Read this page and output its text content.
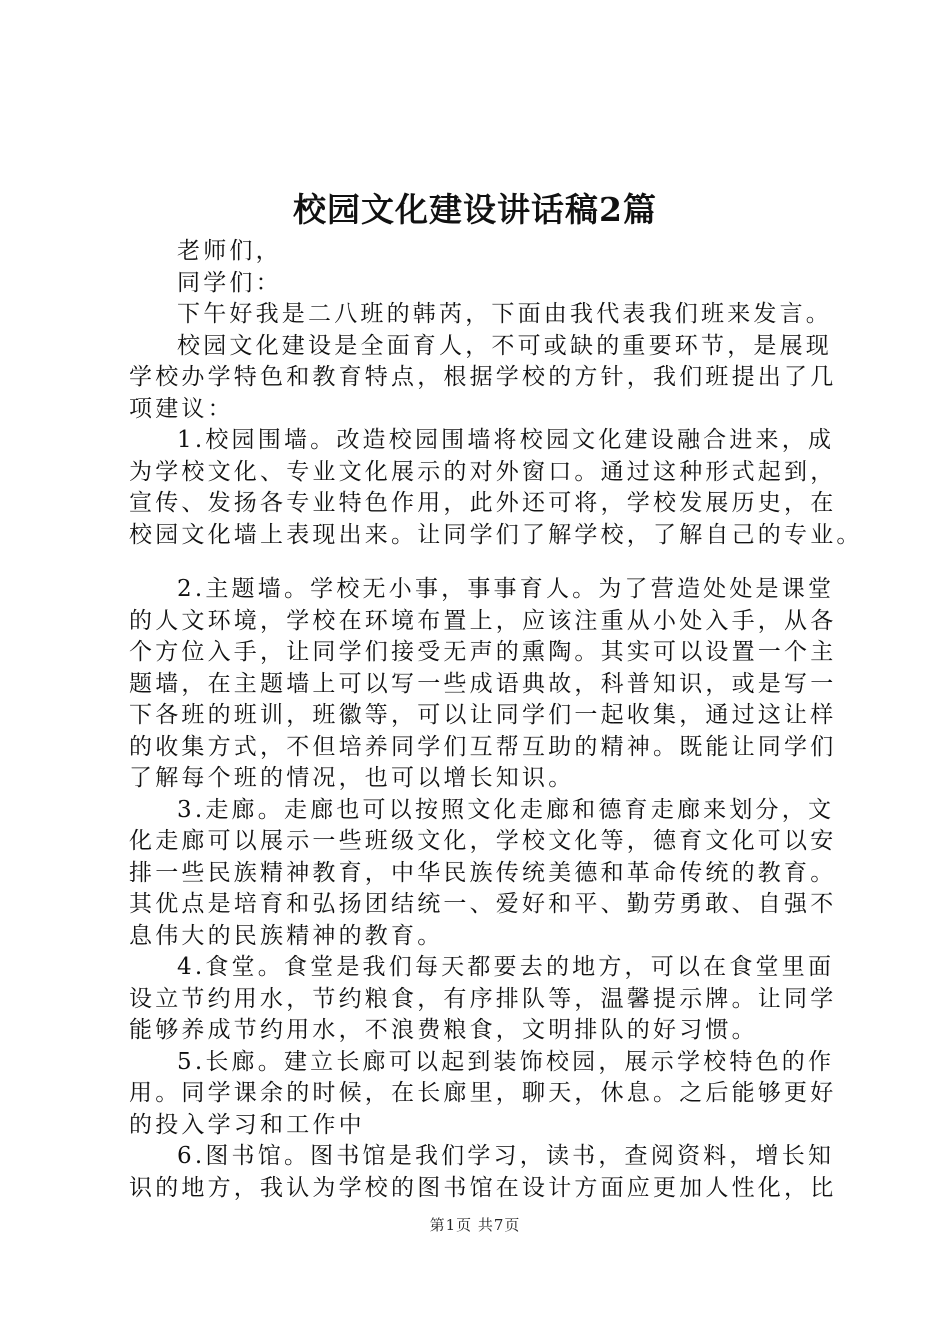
校园文化建设讲话稿2篇
老师们，
同学们：
下午好我是二八班的韩芮，下面由我代表我们班来发言。
校园文化建设是全面育人，不可或缺的重要环节，是展现
学校办学特色和教育特点，根据学校的方针，我们班提出了几
项建议：
1.校园围墙。改造校园围墙将校园文化建设融合进来，成
为学校文化、专业文化展示的对外窗口。通过这种形式起到，
宣传、发扬各专业特色作用，此外还可将，学校发展历史，在
校园文化墙上表现出来。让同学们了解学校，了解自己的专业。
2.主题墙。学校无小事，事事育人。为了营造处处是课堂
的人文环境，学校在环境布置上，应该注重从小处入手，从各
个方位入手，让同学们接受无声的熏陶。其实可以设置一个主
题墙，在主题墙上可以写一些成语典故，科普知识，或是写一
下各班的班训，班徽等，可以让同学们一起收集，通过这让样
的收集方式，不但培养同学们互帮互助的精神。既能让同学们
了解每个班的情况，也可以增长知识。
3.走廊。走廊也可以按照文化走廊和德育走廊来划分，文
化走廊可以展示一些班级文化，学校文化等，德育文化可以安
排一些民族精神教育，中华民族传统美德和革命传统的教育。
其优点是培育和弘扬团结统一、爱好和平、勤劳勇敢、自强不
息伟大的民族精神的教育。
4.食堂。食堂是我们每天都要去的地方，可以在食堂里面
设立节约用水，节约粮食，有序排队等，温馨提示牌。让同学
能够养成节约用水，不浪费粮食，文明排队的好习惯。
5.长廊。建立长廊可以起到装饰校园，展示学校特色的作
用。同学课余的时候，在长廊里，聊天，休息。之后能够更好
的投入学习和工作中
6.图书馆。图书馆是我们学习，读书，查阅资料，增长知
识的地方，我认为学校的图书馆在设计方面应更加人性化，比
第1页 共7页
